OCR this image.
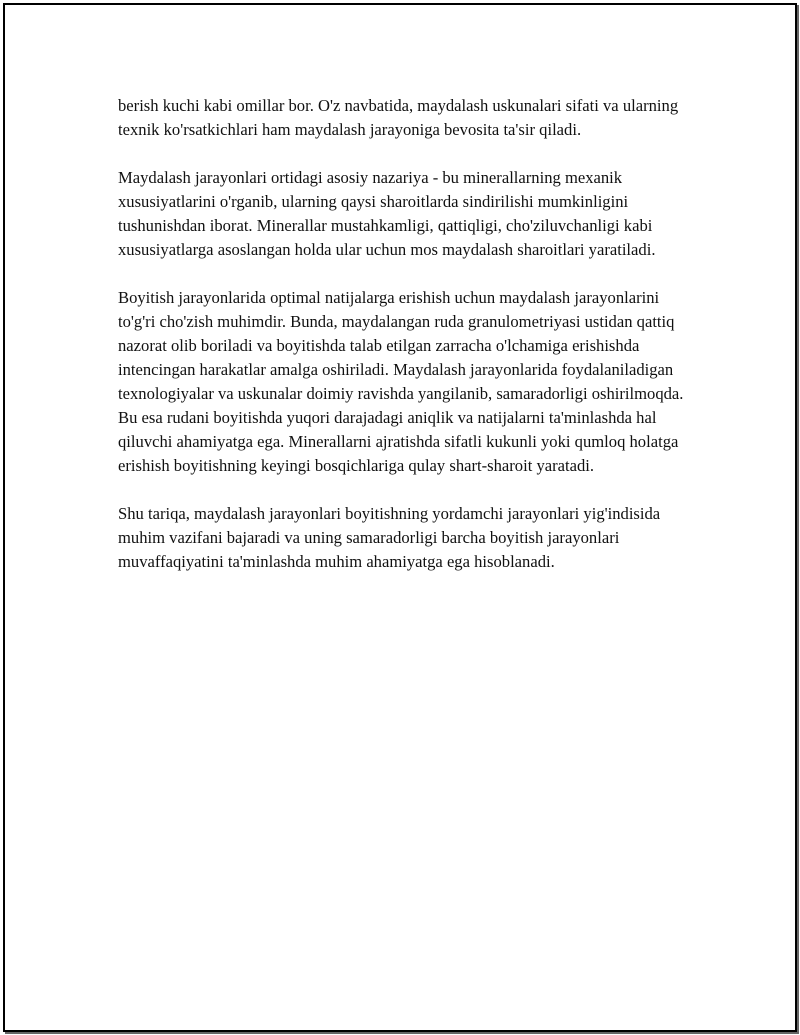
berish kuchi kabi omillar bor. O'z navbatida, maydalash uskunalari sifati va ularning texnik ko'rsatkichlari ham maydalash jarayoniga bevosita ta'sir qiladi.

Maydalash jarayonlari ortidagi asosiy nazariya - bu minerallarning mexanik xususiyatlarini o'rganib, ularning qaysi sharoitlarda sindirilishi mumkinligini tushunishdan iborat. Minerallar mustahkamligi, qattiqligi, cho'ziluvchanligi kabi xususiyatlarga asoslangan holda ular uchun mos maydalash sharoitlari yaratiladi.

Boyitish jarayonlarida optimal natijalarga erishish uchun maydalash jarayonlarini to'g'ri cho'zish muhimdir. Bunda, maydalangan ruda granulometriyasi ustidan qattiq nazorat olib boriladi va boyitishda talab etilgan zarracha o'lchamiga erishishda intencingan harakatlar amalga oshiriladi. Maydalash jarayonlarida foydalaniladigan texnologiyalar va uskunalar doimiy ravishda yangilanib, samaradorligi oshirilmoqda. Bu esa rudani boyitishda yuqori darajadagi aniqlik va natijalarni ta'minlashda hal qiluvchi ahamiyatga ega. Minerallarni ajratishda sifatli kukunli yoki qumloq holatga erishish boyitishning keyingi bosqichlariga qulay shart-sharoit yaratadi.

Shu tariqa, maydalash jarayonlari boyitishning yordamchi jarayonlari yig'indisida muhim vazifani bajaradi va uning samaradorligi barcha boyitish jarayonlari muvaffaqiyatini ta'minlashda muhim ahamiyatga ega hisoblanadi.
